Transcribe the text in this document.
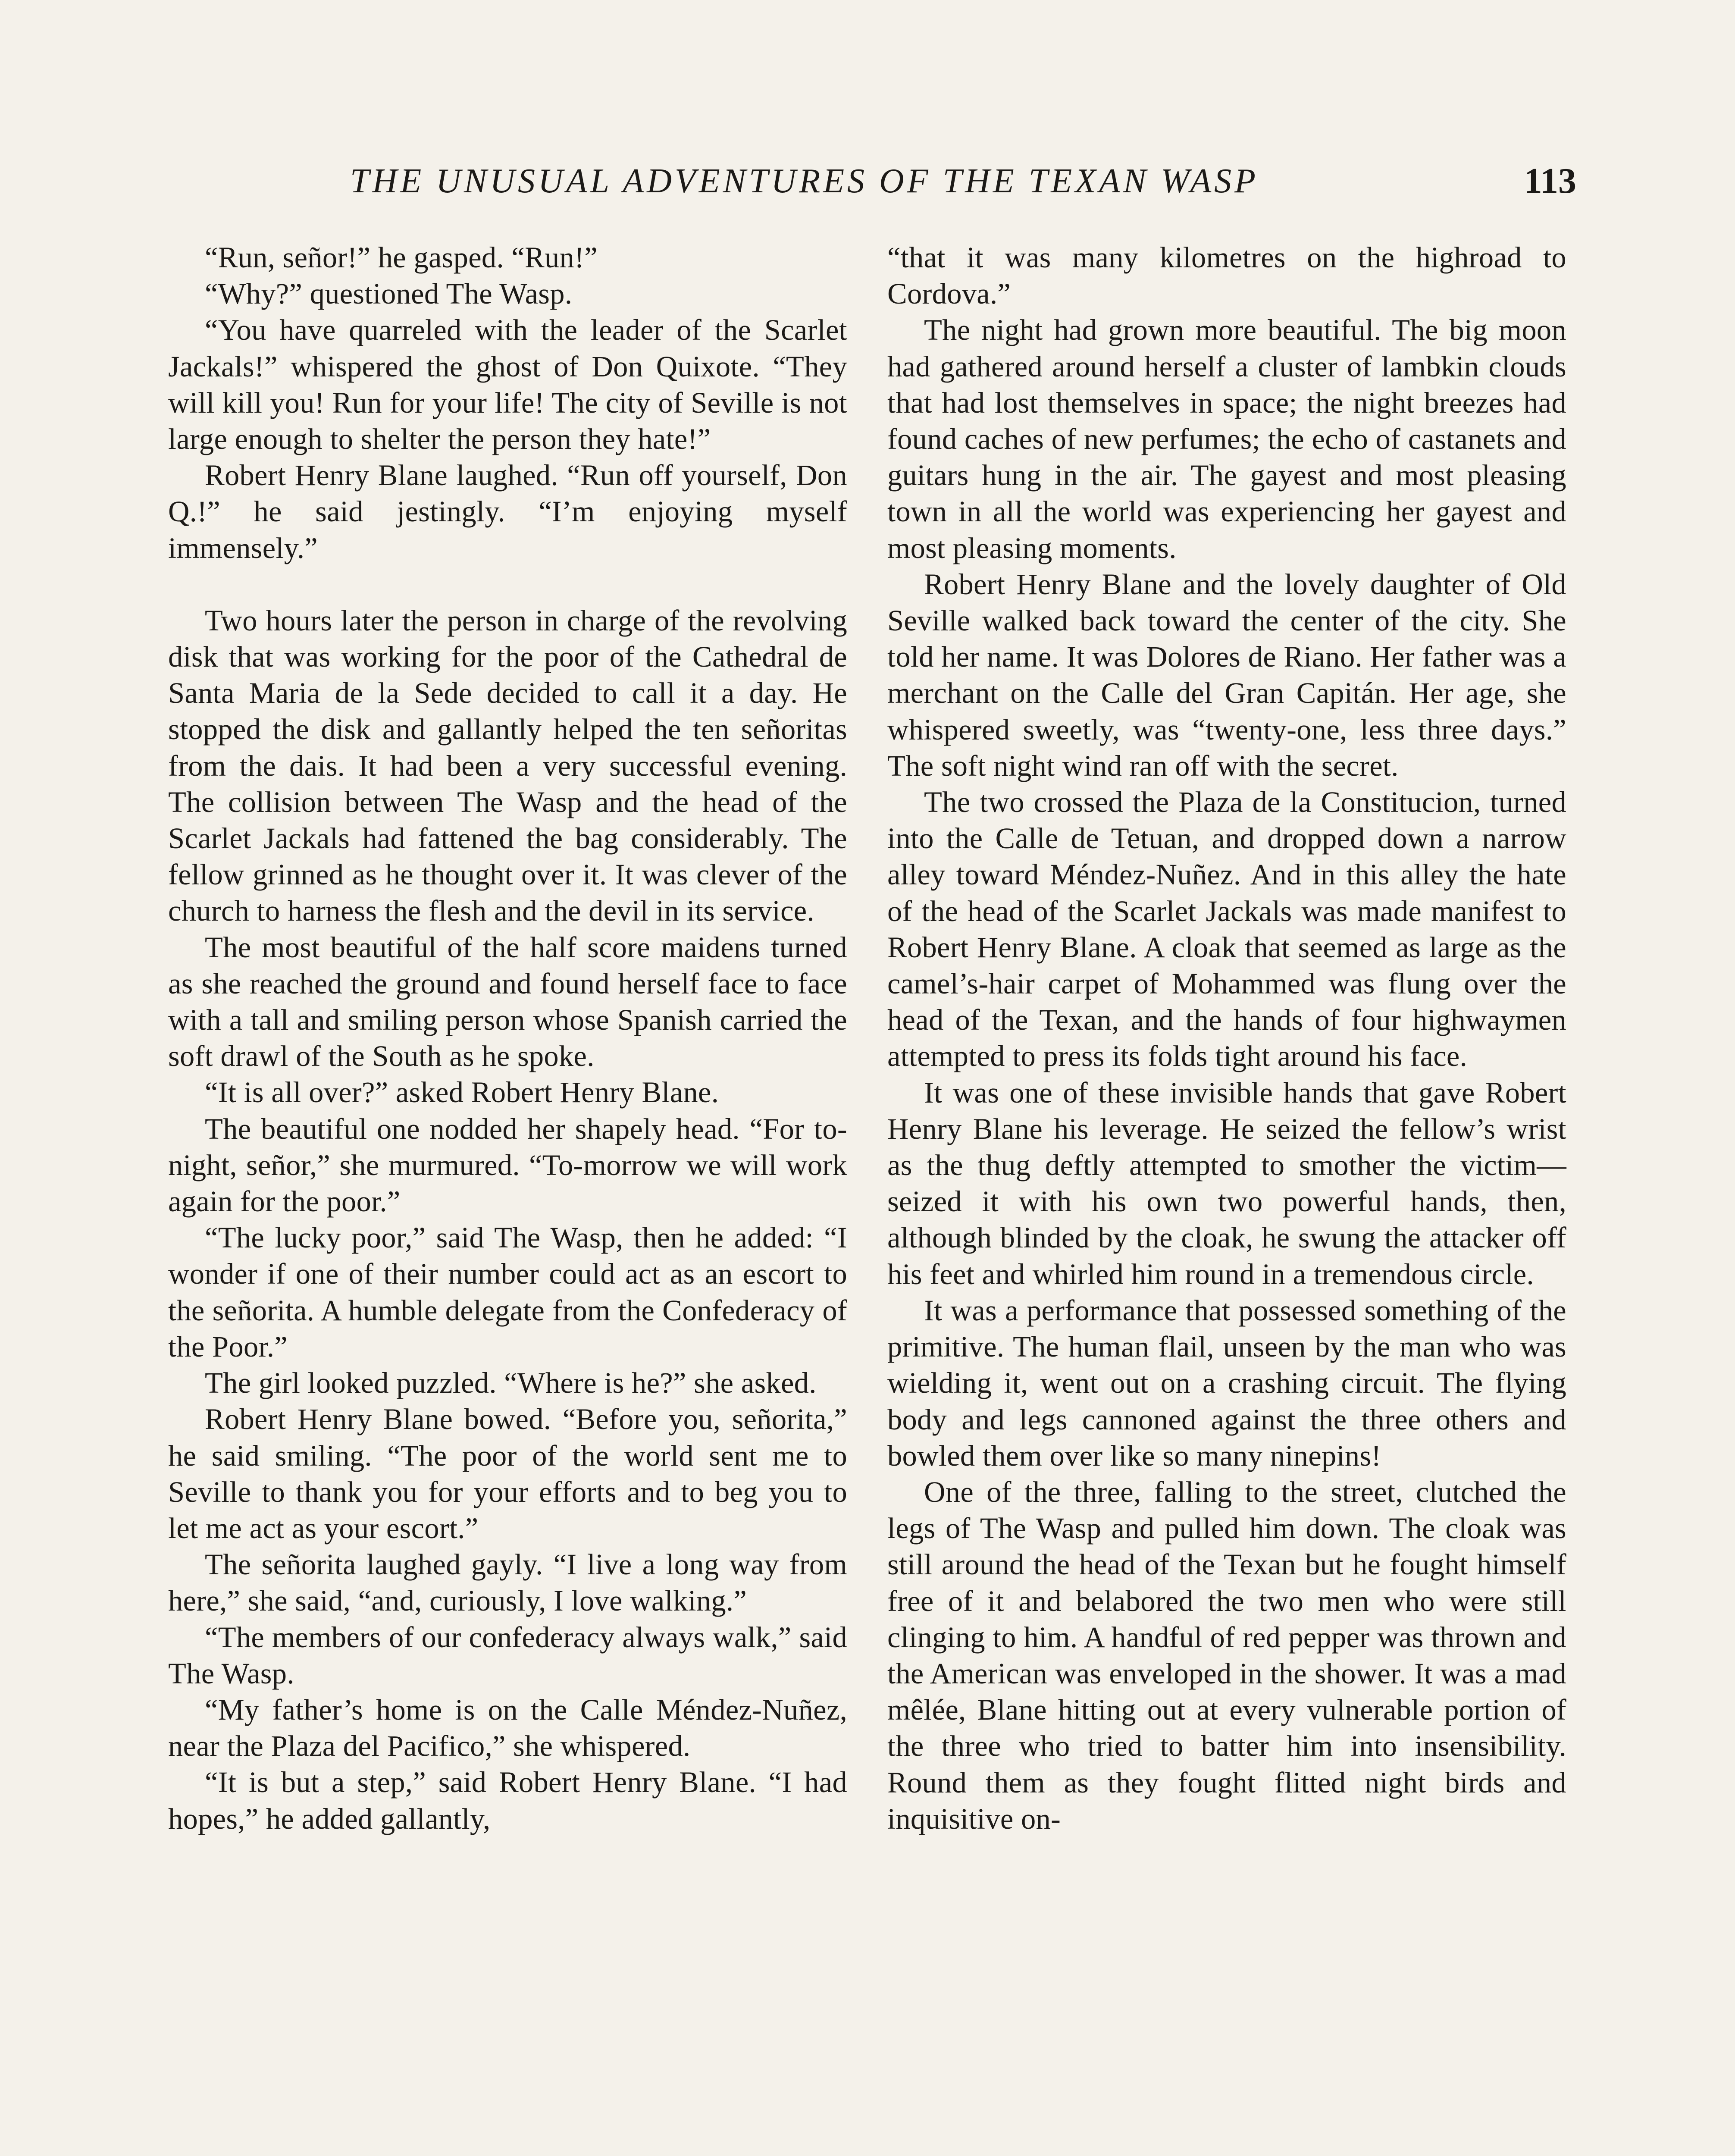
THE UNUSUAL ADVENTURES OF THE TEXAN WASP	113

“Run, señor!” he gasped. “Run!”

“Why?” questioned The Wasp.

“You have quarreled with the leader of the Scarlet Jackals!” whispered the ghost of Don Quixote. “They will kill you! Run for your life! The city of Seville is not large enough to shelter the person they hate!”

Robert Henry Blane laughed. “Run off yourself, Don Q.!” he said jestingly. “I’m enjoying myself immensely.”

Two hours later the person in charge of the revolving disk that was working for the poor of the Cathedral de Santa Maria de la Sede decided to call it a day. He stopped the disk and gallantly helped the ten señoritas from the dais. It had been a very successful evening. The collision between The Wasp and the head of the Scarlet Jackals had fattened the bag considerably. The fellow grinned as he thought over it. It was clever of the church to harness the flesh and the devil in its service.

The most beautiful of the half score maidens turned as she reached the ground and found herself face to face with a tall and smiling person whose Spanish carried the soft drawl of the South as he spoke.

“It is all over?” asked Robert Henry Blane.

The beautiful one nodded her shapely head. “For to-night, señor,” she murmured. “To-morrow we will work again for the poor.”

“The lucky poor,” said The Wasp, then he added: “I wonder if one of their number could act as an escort to the señorita. A humble delegate from the Confederacy of the Poor.”

The girl looked puzzled. “Where is he?” she asked.

Robert Henry Blane bowed. “Before you, señorita,” he said smiling. “The poor of the world sent me to Seville to thank you for your efforts and to beg you to let me act as your escort.”

The señorita laughed gayly. “I live a long way from here,” she said, “and, curiously, I love walking.”

“The members of our confederacy always walk,” said The Wasp.

“My father’s home is on the Calle Méndez-Nuñez, near the Plaza del Pacifico,” she whispered.

“It is but a step,” said Robert Henry Blane. “I had hopes,” he added gallantly,

“that it was many kilometres on the highroad to Cordova.”

The night had grown more beautiful. The big moon had gathered around herself a cluster of lambkin clouds that had lost themselves in space; the night breezes had found caches of new perfumes; the echo of castanets and guitars hung in the air. The gayest and most pleasing town in all the world was experiencing her gayest and most pleasing moments.

Robert Henry Blane and the lovely daughter of Old Seville walked back toward the center of the city. She told her name. It was Dolores de Riano. Her father was a merchant on the Calle del Gran Capitán. Her age, she whispered sweetly, was “twenty-one, less three days.” The soft night wind ran off with the secret.

The two crossed the Plaza de la Constitucion, turned into the Calle de Tetuan, and dropped down a narrow alley toward Méndez-Nuñez. And in this alley the hate of the head of the Scarlet Jackals was made manifest to Robert Henry Blane. A cloak that seemed as large as the camel’s-hair carpet of Mohammed was flung over the head of the Texan, and the hands of four highwaymen attempted to press its folds tight around his face.

It was one of these invisible hands that gave Robert Henry Blane his leverage. He seized the fellow’s wrist as the thug deftly attempted to smother the victim—seized it with his own two powerful hands, then, although blinded by the cloak, he swung the attacker off his feet and whirled him round in a tremendous circle.

It was a performance that possessed something of the primitive. The human flail, unseen by the man who was wielding it, went out on a crashing circuit. The flying body and legs cannoned against the three others and bowled them over like so many ninepins!

One of the three, falling to the street, clutched the legs of The Wasp and pulled him down. The cloak was still around the head of the Texan but he fought himself free of it and belabored the two men who were still clinging to him. A handful of red pepper was thrown and the American was enveloped in the shower. It was a mad mêlée, Blane hitting out at every vulnerable portion of the three who tried to batter him into insensibility. Round them as they fought flitted night birds and inquisitive on-
